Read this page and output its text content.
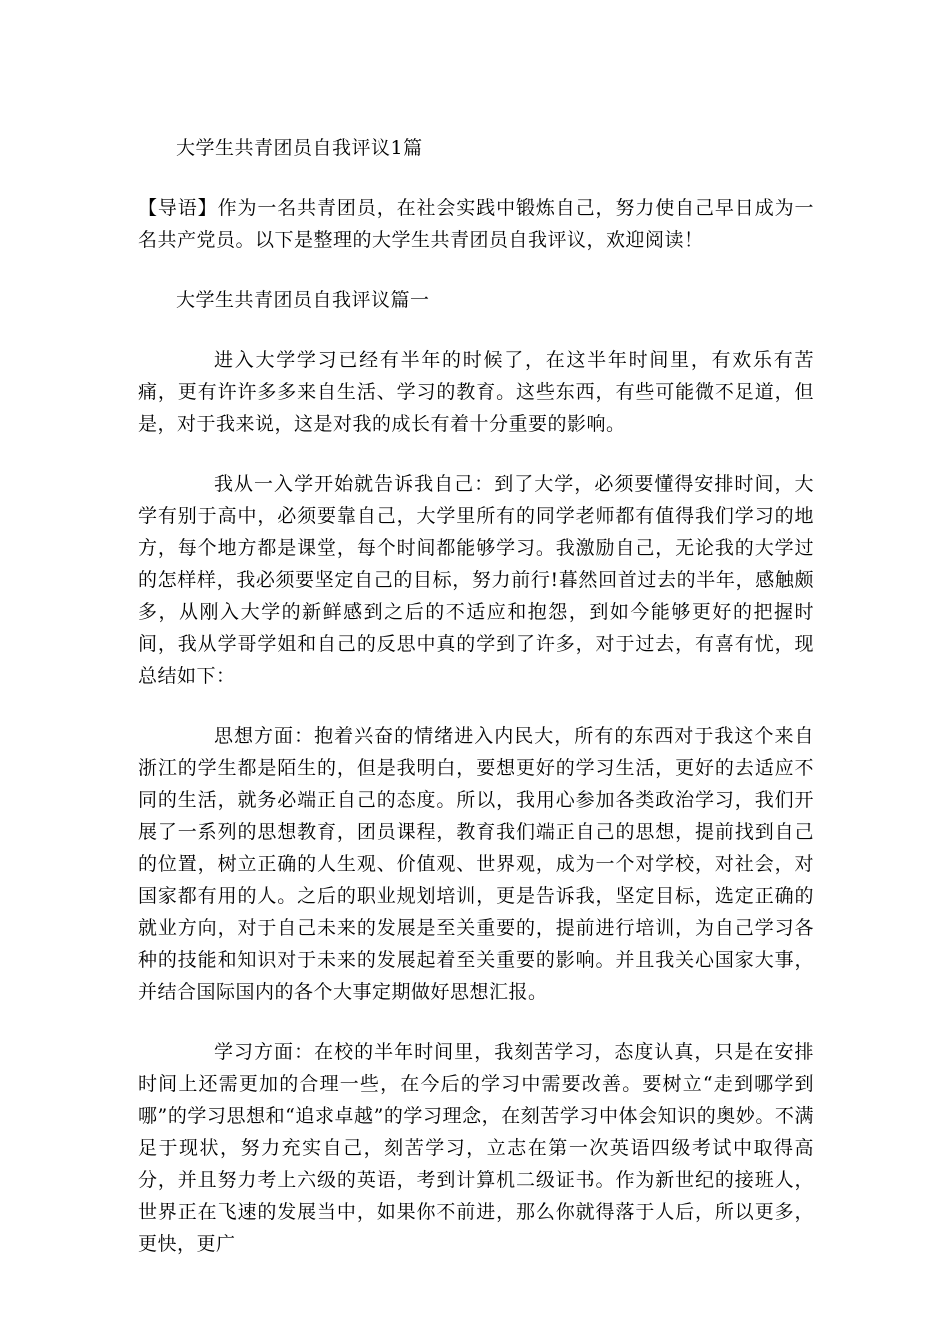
大学生共青团员自我评议1篇

【导语】作为一名共青团员，在社会实践中锻炼自己，努力使自己早日成为一名共产党员。以下是整理的大学生共青团员自我评议，欢迎阅读！

大学生共青团员自我评议篇一

进入大学学习已经有半年的时候了，在这半年时间里，有欢乐有苦痛，更有许许多多来自生活、学习的教育。这些东西，有些可能微不足道，但是，对于我来说，这是对我的成长有着十分重要的影响。

我从一入学开始就告诉我自己：到了大学，必须要懂得安排时间，大学有别于高中，必须要靠自己，大学里所有的同学老师都有值得我们学习的地方，每个地方都是课堂，每个时间都能够学习。我激励自己，无论我的大学过的怎样样，我必须要坚定自己的目标，努力前行!暮然回首过去的半年，感触颇多，从刚入大学的新鲜感到之后的不适应和抱怨，到如今能够更好的把握时间，我从学哥学姐和自己的反思中真的学到了许多，对于过去，有喜有忧，现总结如下：

思想方面：抱着兴奋的情绪进入内民大，所有的东西对于我这个来自浙江的学生都是陌生的，但是我明白，要想更好的学习生活，更好的去适应不同的生活，就务必端正自己的态度。所以，我用心参加各类政治学习，我们开展了一系列的思想教育，团员课程，教育我们端正自己的思想，提前找到自己的位置，树立正确的人生观、价值观、世界观，成为一个对学校，对社会，对国家都有用的人。之后的职业规划培训，更是告诉我，坚定目标，选定正确的就业方向，对于自己未来的发展是至关重要的，提前进行培训，为自己学习各种的技能和知识对于未来的发展起着至关重要的影响。并且我关心国家大事，并结合国际国内的各个大事定期做好思想汇报。

学习方面：在校的半年时间里，我刻苦学习，态度认真，只是在安排时间上还需更加的合理一些，在今后的学习中需要改善。要树立“走到哪学到哪”的学习思想和“追求卓越”的学习理念，在刻苦学习中体会知识的奥妙。不满足于现状，努力充实自己，刻苦学习，立志在第一次英语四级考试中取得高分，并且努力考上六级的英语，考到计算机二级证书。作为新世纪的接班人，世界正在飞速的发展当中，如果你不前进，那么你就得落于人后，所以更多，更快，更广
